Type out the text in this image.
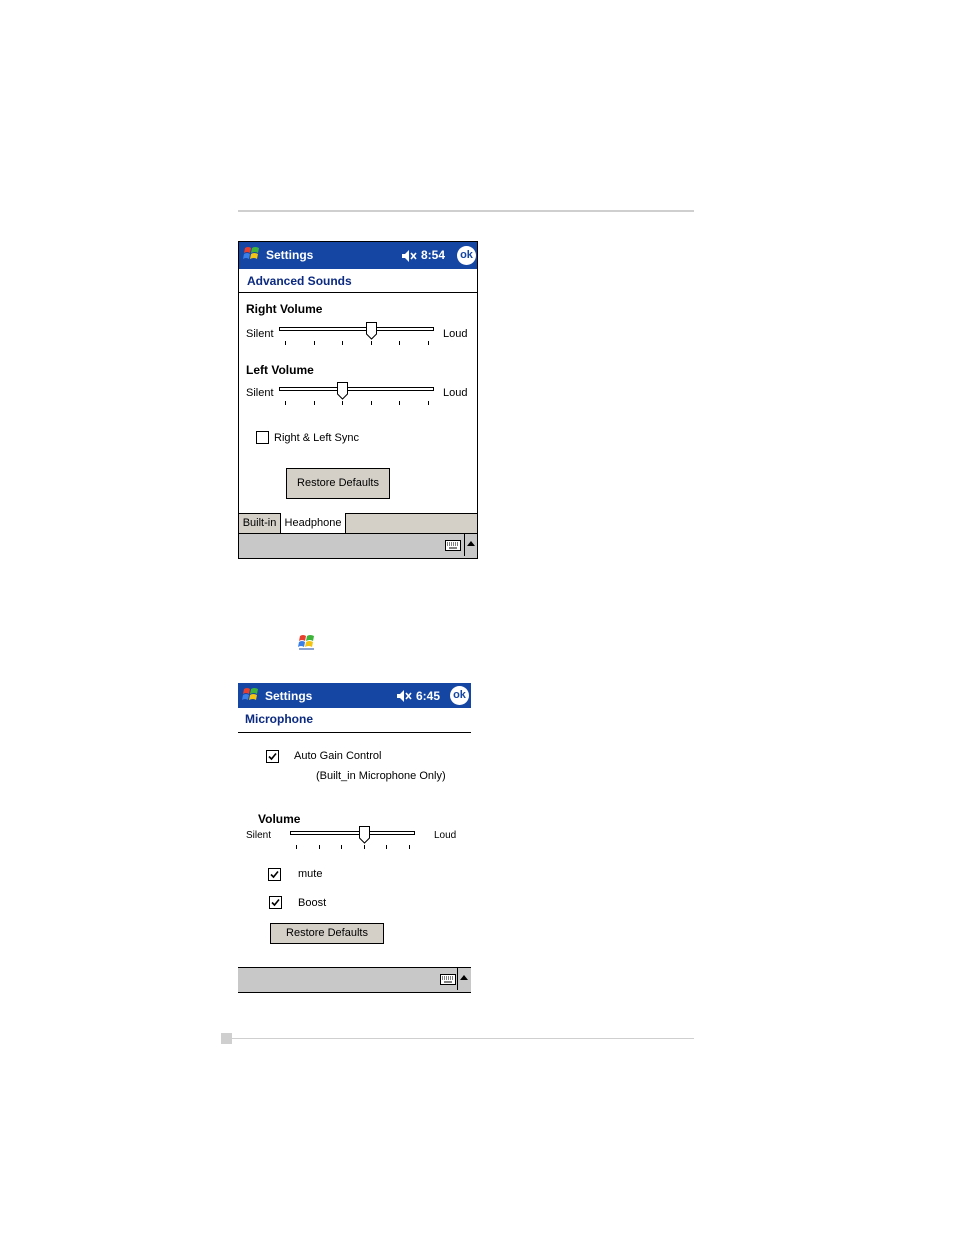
Settings	8:54 ok
Advanced Sounds
Right Volume
Silent	Loud
Left Volume
Silent	Loud
Right & Left Sync
Restore Defaults
Built-in Headphone
Settings	6:45 ok
Microphone
Auto Gain Control
(Built_in Microphone Only)
Volume
Silent	Loud
mute
Boost
Restore Defaults
